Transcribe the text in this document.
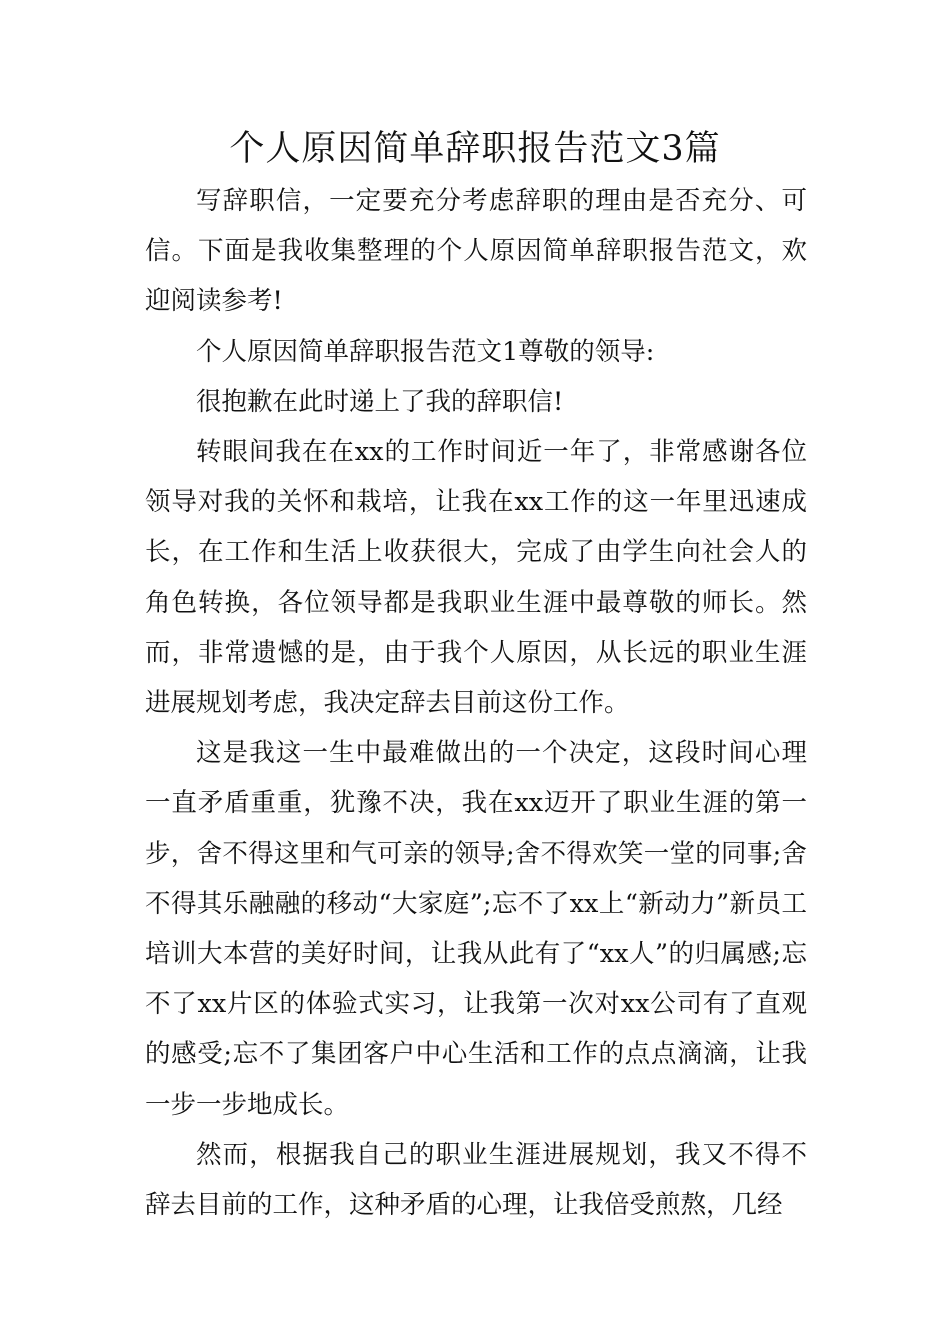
个人原因简单辞职报告范文3篇

写辞职信，一定要充分考虑辞职的理由是否充分、可信。下面是我收集整理的个人原因简单辞职报告范文，欢迎阅读参考!

个人原因简单辞职报告范文1尊敬的领导:

很抱歉在此时递上了我的辞职信!

转眼间我在在xx的工作时间近一年了，非常感谢各位领导对我的关怀和栽培，让我在xx工作的这一年里迅速成长，在工作和生活上收获很大，完成了由学生向社会人的角色转换，各位领导都是我职业生涯中最尊敬的师长。然而，非常遗憾的是，由于我个人原因，从长远的职业生涯进展规划考虑，我决定辞去目前这份工作。

这是我这一生中最难做出的一个决定，这段时间心理一直矛盾重重，犹豫不决，我在xx迈开了职业生涯的第一步，舍不得这里和气可亲的领导;舍不得欢笑一堂的同事;舍不得其乐融融的移动“大家庭”;忘不了xx上“新动力”新员工培训大本营的美好时间，让我从此有了“xx人”的归属感;忘不了xx片区的体验式实习，让我第一次对xx公司有了直观的感受;忘不了集团客户中心生活和工作的点点滴滴，让我一步一步地成长。

然而，根据我自己的职业生涯进展规划，我又不得不辞去目前的工作，这种矛盾的心理，让我倍受煎熬，几经
